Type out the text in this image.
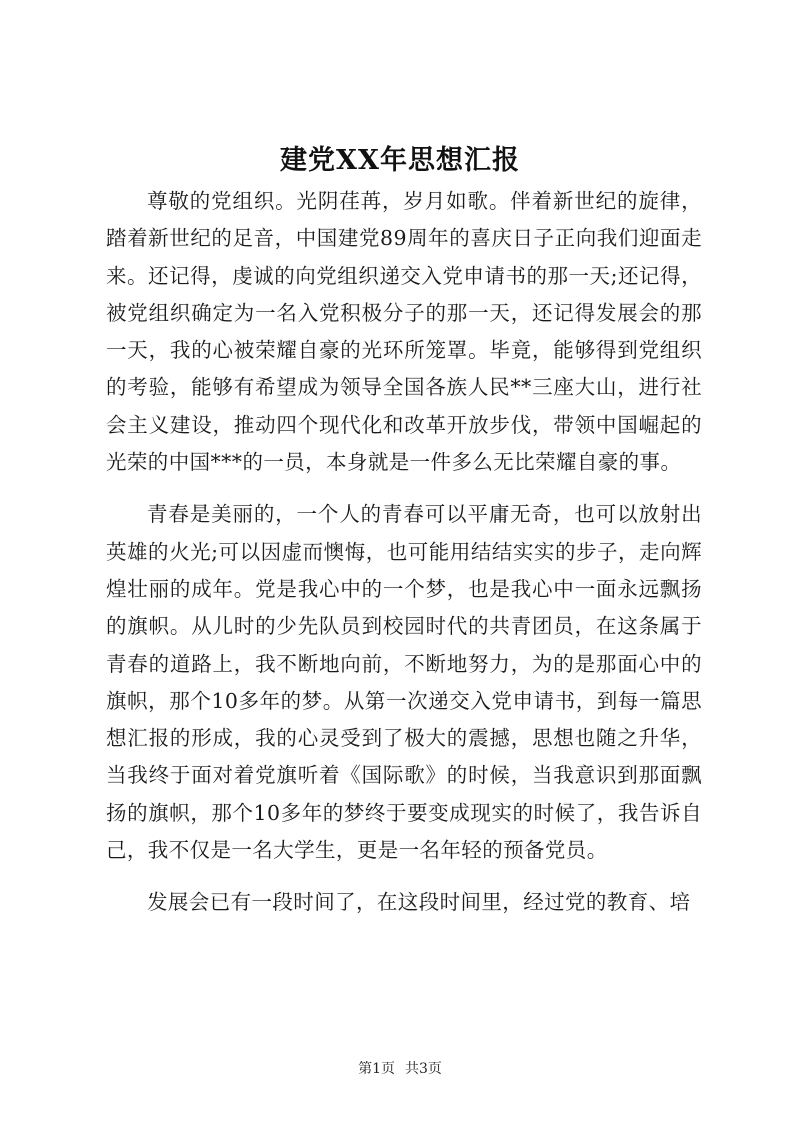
建党XX年思想汇报

尊敬的党组织。光阴荏苒，岁月如歌。伴着新世纪的旋律，踏着新世纪的足音，中国建党89周年的喜庆日子正向我们迎面走来。还记得，虔诚的向党组织递交入党申请书的那一天;还记得，被党组织确定为一名入党积极分子的那一天，还记得发展会的那一天，我的心被荣耀自豪的光环所笼罩。毕竟，能够得到党组织的考验，能够有希望成为领导全国各族人民**三座大山，进行社会主义建设，推动四个现代化和改革开放步伐，带领中国崛起的光荣的中国***的一员，本身就是一件多么无比荣耀自豪的事。

青春是美丽的，一个人的青春可以平庸无奇，也可以放射出英雄的火光;可以因虚而懊悔，也可能用结结实实的步子，走向辉煌壮丽的成年。党是我心中的一个梦，也是我心中一面永远飘扬的旗帜。从儿时的少先队员到校园时代的共青团员，在这条属于青春的道路上，我不断地向前，不断地努力，为的是那面心中的旗帜，那个10多年的梦。从第一次递交入党申请书，到每一篇思想汇报的形成，我的心灵受到了极大的震撼，思想也随之升华，当我终于面对着党旗听着《国际歌》的时候，当我意识到那面飘扬的旗帜，那个10多年的梦终于要变成现实的时候了，我告诉自己，我不仅是一名大学生，更是一名年轻的预备党员。

发展会已有一段时间了，在这段时间里，经过党的教育、培

第1页 共3页
